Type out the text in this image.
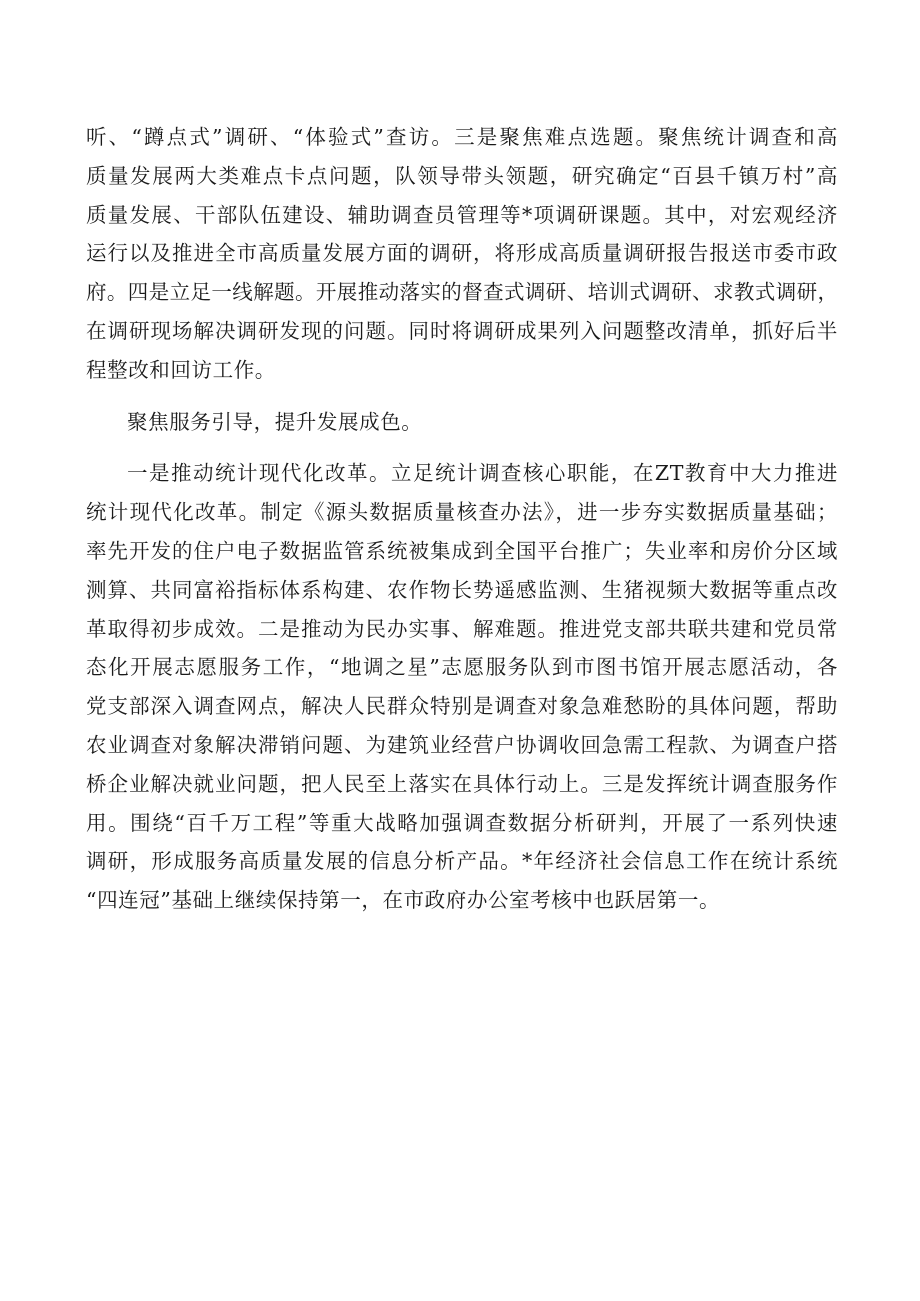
听、“蹲点式”调研、“体验式”查访。三是聚焦难点选题。聚焦统计调查和高
质量发展两大类难点卡点问题，队领导带头领题，研究确定“百县千镇万村”高
质量发展、干部队伍建设、辅助调查员管理等*项调研课题。其中，对宏观经济
运行以及推进全市高质量发展方面的调研，将形成高质量调研报告报送市委市政
府。四是立足一线解题。开展推动落实的督查式调研、培训式调研、求教式调研，
在调研现场解决调研发现的问题。同时将调研成果列入问题整改清单，抓好后半
程整改和回访工作。
聚焦服务引导，提升发展成色。
一是推动统计现代化改革。立足统计调查核心职能，在ZT教育中大力推进
统计现代化改革。制定《源头数据质量核查办法》，进一步夯实数据质量基础；
率先开发的住户电子数据监管系统被集成到全国平台推广；失业率和房价分区域
测算、共同富裕指标体系构建、农作物长势遥感监测、生猪视频大数据等重点改
革取得初步成效。二是推动为民办实事、解难题。推进党支部共联共建和党员常
态化开展志愿服务工作，“地调之星”志愿服务队到市图书馆开展志愿活动，各
党支部深入调查网点，解决人民群众特别是调查对象急难愁盼的具体问题，帮助
农业调查对象解决滞销问题、为建筑业经营户协调收回急需工程款、为调查户搭
桥企业解决就业问题，把人民至上落实在具体行动上。三是发挥统计调查服务作
用。围绕“百千万工程”等重大战略加强调查数据分析研判，开展了一系列快速
调研，形成服务高质量发展的信息分析产品。*年经济社会信息工作在统计系统
“四连冠”基础上继续保持第一，在市政府办公室考核中也跃居第一。
